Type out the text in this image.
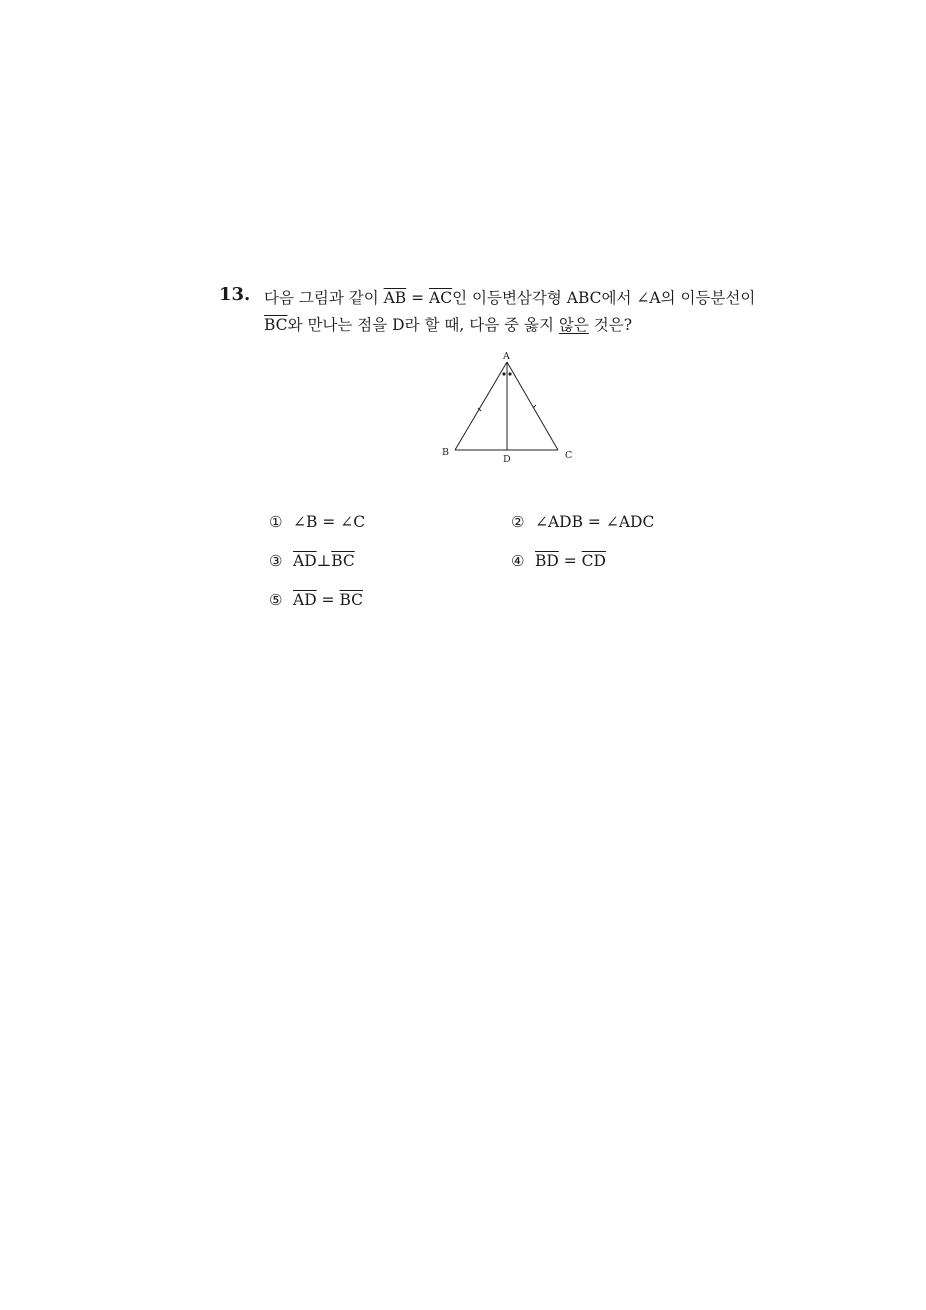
13. 다음 그림과 같이 $\overline{AB} = \overline{AC}$인 이등변삼각형 ABC에서 ∠A의 이등분선이
$\overline{BC}$와 만나는 점을 D라 할 때, 다음 중 옳지 않은 것은?
A
B	C
D
① ∠B = ∠C	② ∠ADB = ∠ADC
③ $\overline{AD}\perp\overline{BC}$	④ $\overline{BD} = \overline{CD}$
⑤ $\overline{AD} = \overline{BC}$
